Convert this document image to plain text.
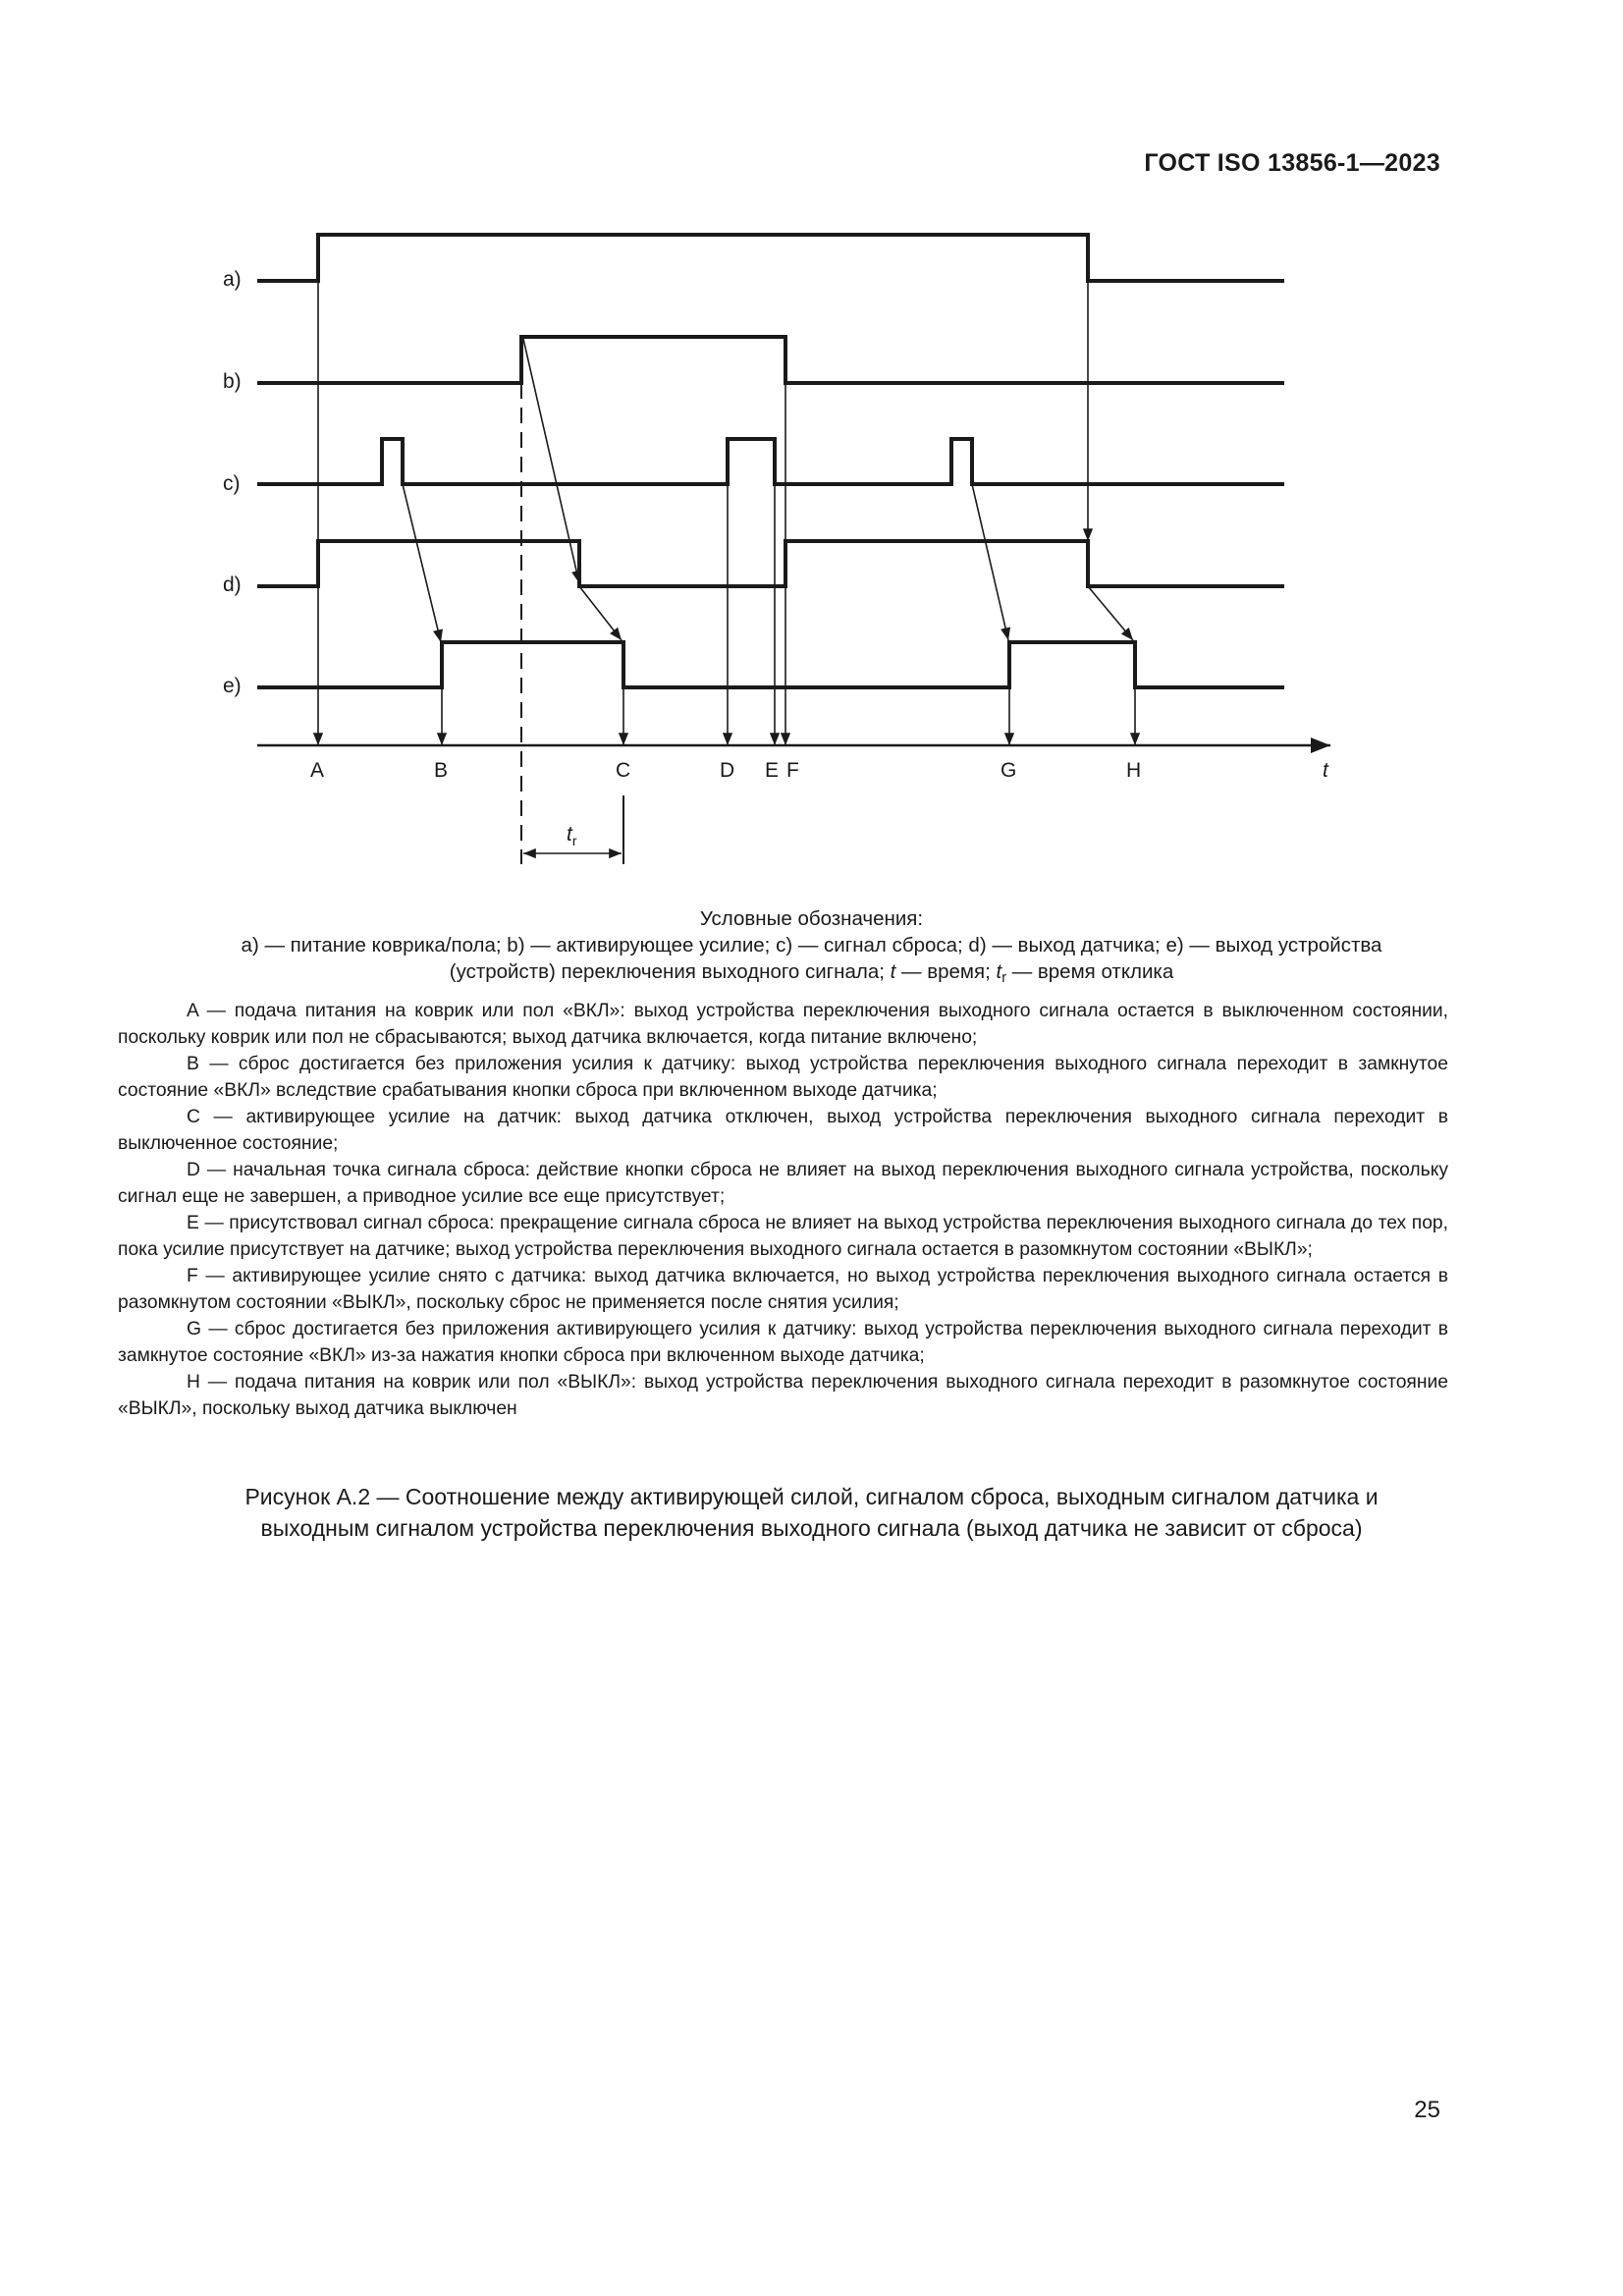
ГОСТ ISO 13856-1—2023
a)
b)
c)
d)
e)
$t_r$
A	B	C	D E F	G	H	t
Условные обозначения:
a) — питание коврика/пола; b) — активирующее усилие; c) — сигнал сброса; d) — выход датчика; e) — выход устройства
(устройств) переключения выходного сигнала; t — время; $t_r$ — время отклика

A — подача питания на коврик или пол «ВКЛ»: выход устройства переключения выходного сигнала остается в выключенном состоянии, поскольку коврик или пол не сбрасываются; выход датчика включается, когда питание включено;

B — сброс достигается без приложения усилия к датчику: выход устройства переключения выходного сигнала переходит в замкнутое состояние «ВКЛ» вследствие срабатывания кнопки сброса при включенном выходе датчика;

C — активирующее усилие на датчик: выход датчика отключен, выход устройства переключения выходного сигнала переходит в выключенное состояние;

D — начальная точка сигнала сброса: действие кнопки сброса не влияет на выход переключения выходного сигнала устройства, поскольку сигнал еще не завершен, а приводное усилие все еще присутствует;

E — присутствовал сигнал сброса: прекращение сигнала сброса не влияет на выход устройства переключения выходного сигнала до тех пор, пока усилие присутствует на датчике; выход устройства переключения выходного сигнала остается в разомкнутом состоянии «ВЫКЛ»;

F — активирующее усилие снято с датчика: выход датчика включается, но выход устройства переключения выходного сигнала остается в разомкнутом состоянии «ВЫКЛ», поскольку сброс не применяется после снятия усилия;

G — сброс достигается без приложения активирующего усилия к датчику: выход устройства переключения выходного сигнала переходит в замкнутое состояние «ВКЛ» из-за нажатия кнопки сброса при включенном выходе датчика;

H — подача питания на коврик или пол «ВЫКЛ»: выход устройства переключения выходного сигнала переходит в разомкнутое состояние «ВЫКЛ», поскольку выход датчика выключен

Рисунок А.2 — Соотношение между активирующей силой, сигналом сброса, выходным сигналом датчика и
выходным сигналом устройства переключения выходного сигнала (выход датчика не зависит от сброса)
25
